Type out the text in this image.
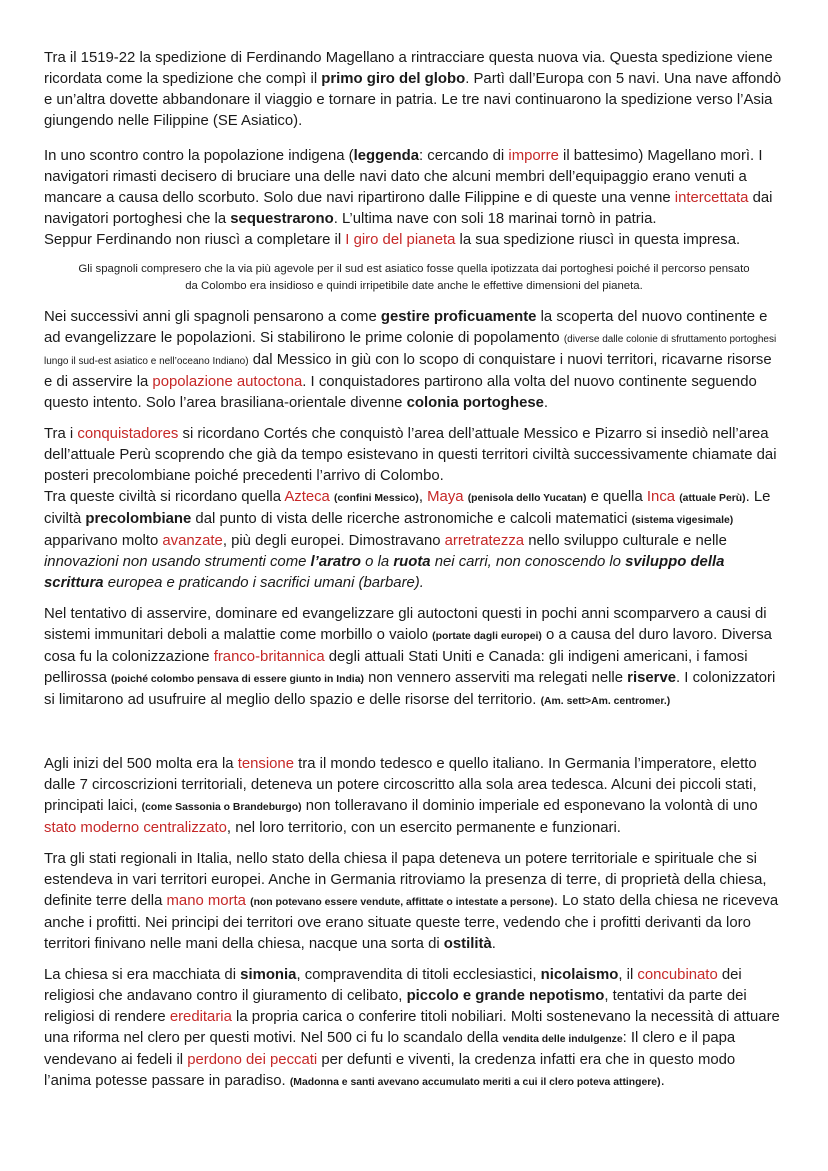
Tra il 1519-22 la spedizione di Ferdinando Magellano a rintracciare questa nuova via. Questa spedizione viene ricordata come la spedizione che compì il primo giro del globo. Partì dall’Europa con 5 navi. Una nave affondò e un’altra dovette abbandonare il viaggio e tornare in patria. Le tre navi continuarono la spedizione verso l’Asia giungendo nelle Filippine (SE Asiatico).

In uno scontro contro la popolazione indigena (leggenda: cercando di imporre il battesimo) Magellano morì. I navigatori rimasti decisero di bruciare una delle navi dato che alcuni membri dell’equipaggio erano venuti a mancare a causa dello scorbuto. Solo due navi ripartirono dalle Filippine e di queste una venne intercettata dai navigatori portoghesi che la sequestrarono. L’ultima nave con soli 18 marinai tornò in patria.

Seppur Ferdinando non riuscì a completare il I giro del pianeta la sua spedizione riuscì in questa impresa.

Gli spagnoli compresero che la via più agevole per il sud est asiatico fosse quella ipotizzata dai portoghesi poiché il percorso pensato da Colombo era insidioso e quindi irripetibile date anche le effettive dimensioni del pianeta.

Nei successivi anni gli spagnoli pensarono a come gestire proficuamente la scoperta del nuovo continente e ad evangelizzare le popolazioni. Si stabilirono le prime colonie di popolamento (diverse dalle colonie di sfruttamento portoghesi lungo il sud-est asiatico e nell’oceano Indiano) dal Messico in giù con lo scopo di conquistare i nuovi territori, ricavarne risorse e di asservire la popolazione autoctona. I conquistadores partirono alla volta del nuovo continente seguendo questo intento. Solo l’area brasiliana-orientale divenne colonia portoghese.

Tra i conquistadores si ricordano Cortés che conquistò l’area dell’attuale Messico e Pizarro si insediò nell’area dell’attuale Perù scoprendo che già da tempo esistevano in questi territori civiltà successivamente chiamate dai posteri precolombiane poiché precedenti l’arrivo di Colombo.

Tra queste civiltà si ricordano quella Azteca (confini Messico), Maya (penisola dello Yucatan) e quella Inca (attuale Perù). Le civiltà precolombiane dal punto di vista delle ricerche astronomiche e calcoli matematici (sistema vigesimale) apparivano molto avanzate, più degli europei. Dimostravano arretratezza nello sviluppo culturale e nelle innovazioni non usando strumenti come l’aratro o la ruota nei carri, non conoscendo lo sviluppo della scrittura europea e praticando i sacrifici umani (barbare).

Nel tentativo di asservire, dominare ed evangelizzare gli autoctoni questi in pochi anni scomparvero a causi di sistemi immunitari deboli a malattie come morbillo o vaiolo (portate dagli europei) o a causa del duro lavoro. Diversa cosa fu la colonizzazione franco-britannica degli attuali Stati Uniti e Canada: gli indigeni americani, i famosi pellirossa (poiché colombo pensava di essere giunto in India) non vennero asserviti ma relegati nelle riserve. I colonizzatori si limitarono ad usufruire al meglio dello spazio e delle risorse del territorio. (Am. sett>Am. centromer.)

Agli inizi del 500 molta era la tensione tra il mondo tedesco e quello italiano. In Germania l’imperatore, eletto dalle 7 circoscrizioni territoriali, deteneva un potere circoscritto alla sola area tedesca. Alcuni dei piccoli stati, principati laici, (come Sassonia o Brandeburgo) non tolleravano il dominio imperiale ed esponevano la volontà di uno stato moderno centralizzato, nel loro territorio, con un esercito permanente e funzionari.

Tra gli stati regionali in Italia, nello stato della chiesa il papa deteneva un potere territoriale e spirituale che si estendeva in vari territori europei. Anche in Germania ritroviamo la presenza di terre, di proprietà della chiesa, definite terre della mano morta (non potevano essere vendute, affittate o intestate a persone). Lo stato della chiesa ne riceveva anche i profitti. Nei principi dei territori ove erano situate queste terre, vedendo che i profitti derivanti da loro territori finivano nelle mani della chiesa, nacque una sorta di ostilità.

La chiesa si era macchiata di simonia, compravendita di titoli ecclesiastici, nicolaismo, il concubinato dei religiosi che andavano contro il giuramento di celibato, piccolo e grande nepotismo, tentativi da parte dei religiosi di rendere ereditaria la propria carica o conferire titoli nobiliari. Molti sostenevano la necessità di attuare una riforma nel clero per questi motivi. Nel 500 ci fu lo scandalo della vendita delle indulgenze: Il clero e il papa vendevano ai fedeli il perdono dei peccati per defunti e viventi, la credenza infatti era che in questo modo l’anima potesse passare in paradiso. (Madonna e santi avevano accumulato meriti a cui il clero poteva attingere).
